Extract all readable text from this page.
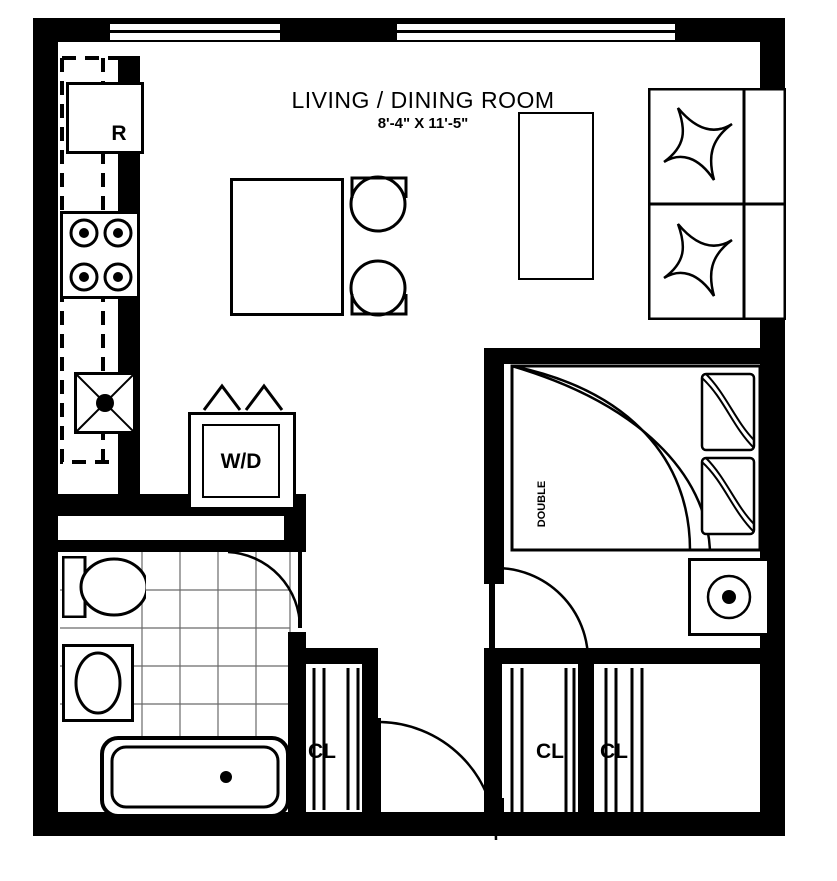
R
W/D
CL
DOUBLE
CL	CL
LIVING / DINING ROOM
8'-4" X 11'-5"
